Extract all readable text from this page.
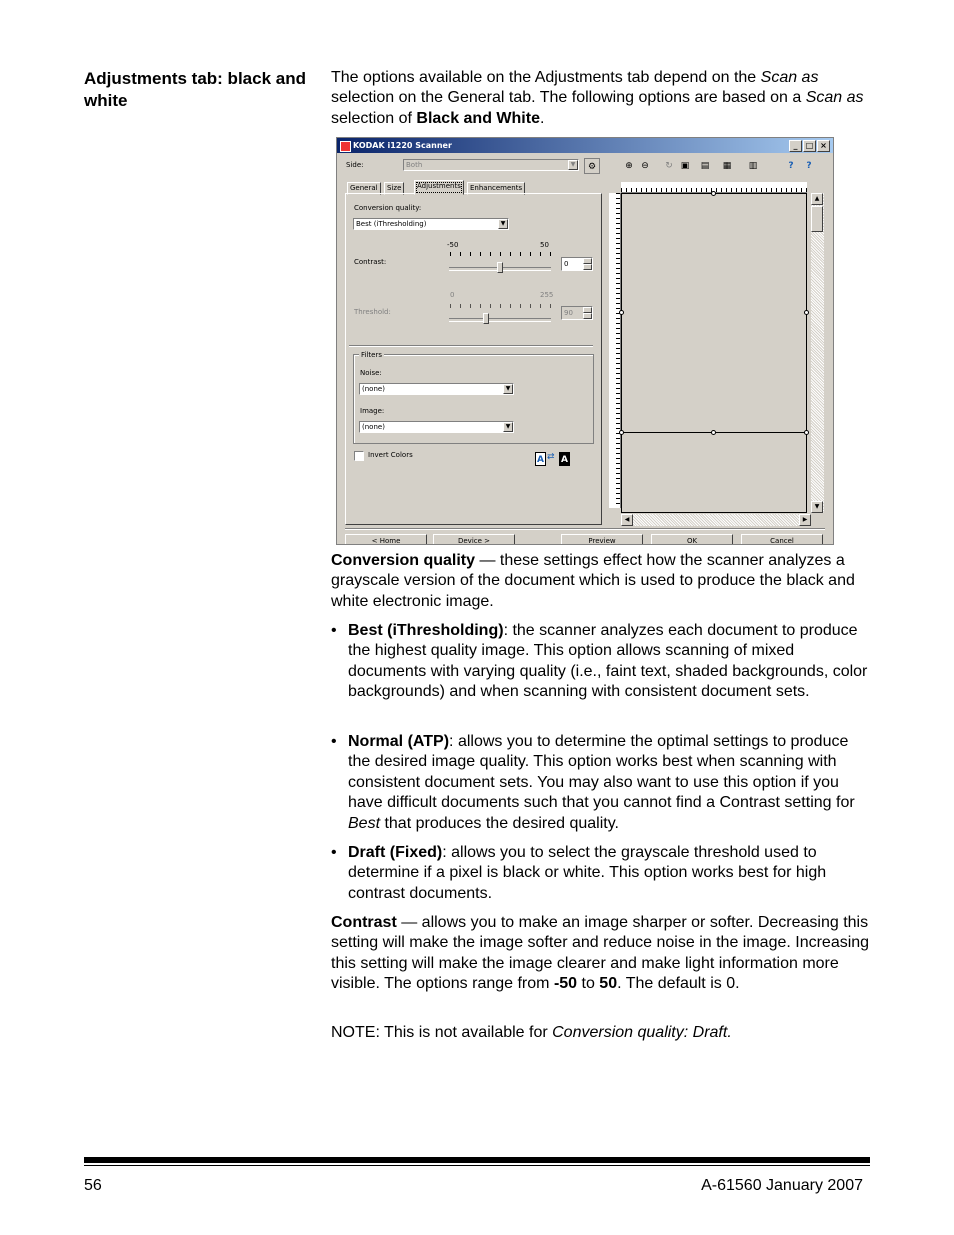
Adjustments tab: black and white

The options available on the Adjustments tab depend on the Scan as selection on the General tab. The following options are based on a Scan as selection of Black and White.

KODAK i1220 Scanner	_	□ ×
Side:	Both	▼	⚙	⊕ ⊖	↻ ▣	▤	▦	▥	?	?
General	Size	Adjustments	Enhancements
Conversion quality:
Best (iThresholding)	▼
-50	50
Contrast:	0
0	255
Threshold:	90
Filters
Noise:
(none)	▼
Image:
(none)	▼
Invert Colors	A ⇄ A
▲
▼
◀	▶
< Home	Device >	Preview	OK	Cancel

Conversion quality — these settings effect how the scanner analyzes a grayscale version of the document which is used to produce the black and white electronic image.

• Best (iThresholding): the scanner analyzes each document to produce the highest quality image. This option allows scanning of mixed documents with varying quality (i.e., faint text, shaded backgrounds, color backgrounds) and when scanning with consistent document sets.

• Normal (ATP): allows you to determine the optimal settings to produce the desired image quality. This option works best when scanning with consistent document sets. You may also want to use this option if you have difficult documents such that you cannot find a Contrast setting for Best that produces the desired quality.

• Draft (Fixed): allows you to select the grayscale threshold used to determine if a pixel is black or white. This option works best for high contrast documents.

Contrast — allows you to make an image sharper or softer. Decreasing this setting will make the image softer and reduce noise in the image. Increasing this setting will make the image clearer and make light information more visible. The options range from -50 to 50. The default is 0.

NOTE: This is not available for Conversion quality: Draft.

56	A-61560 January 2007
